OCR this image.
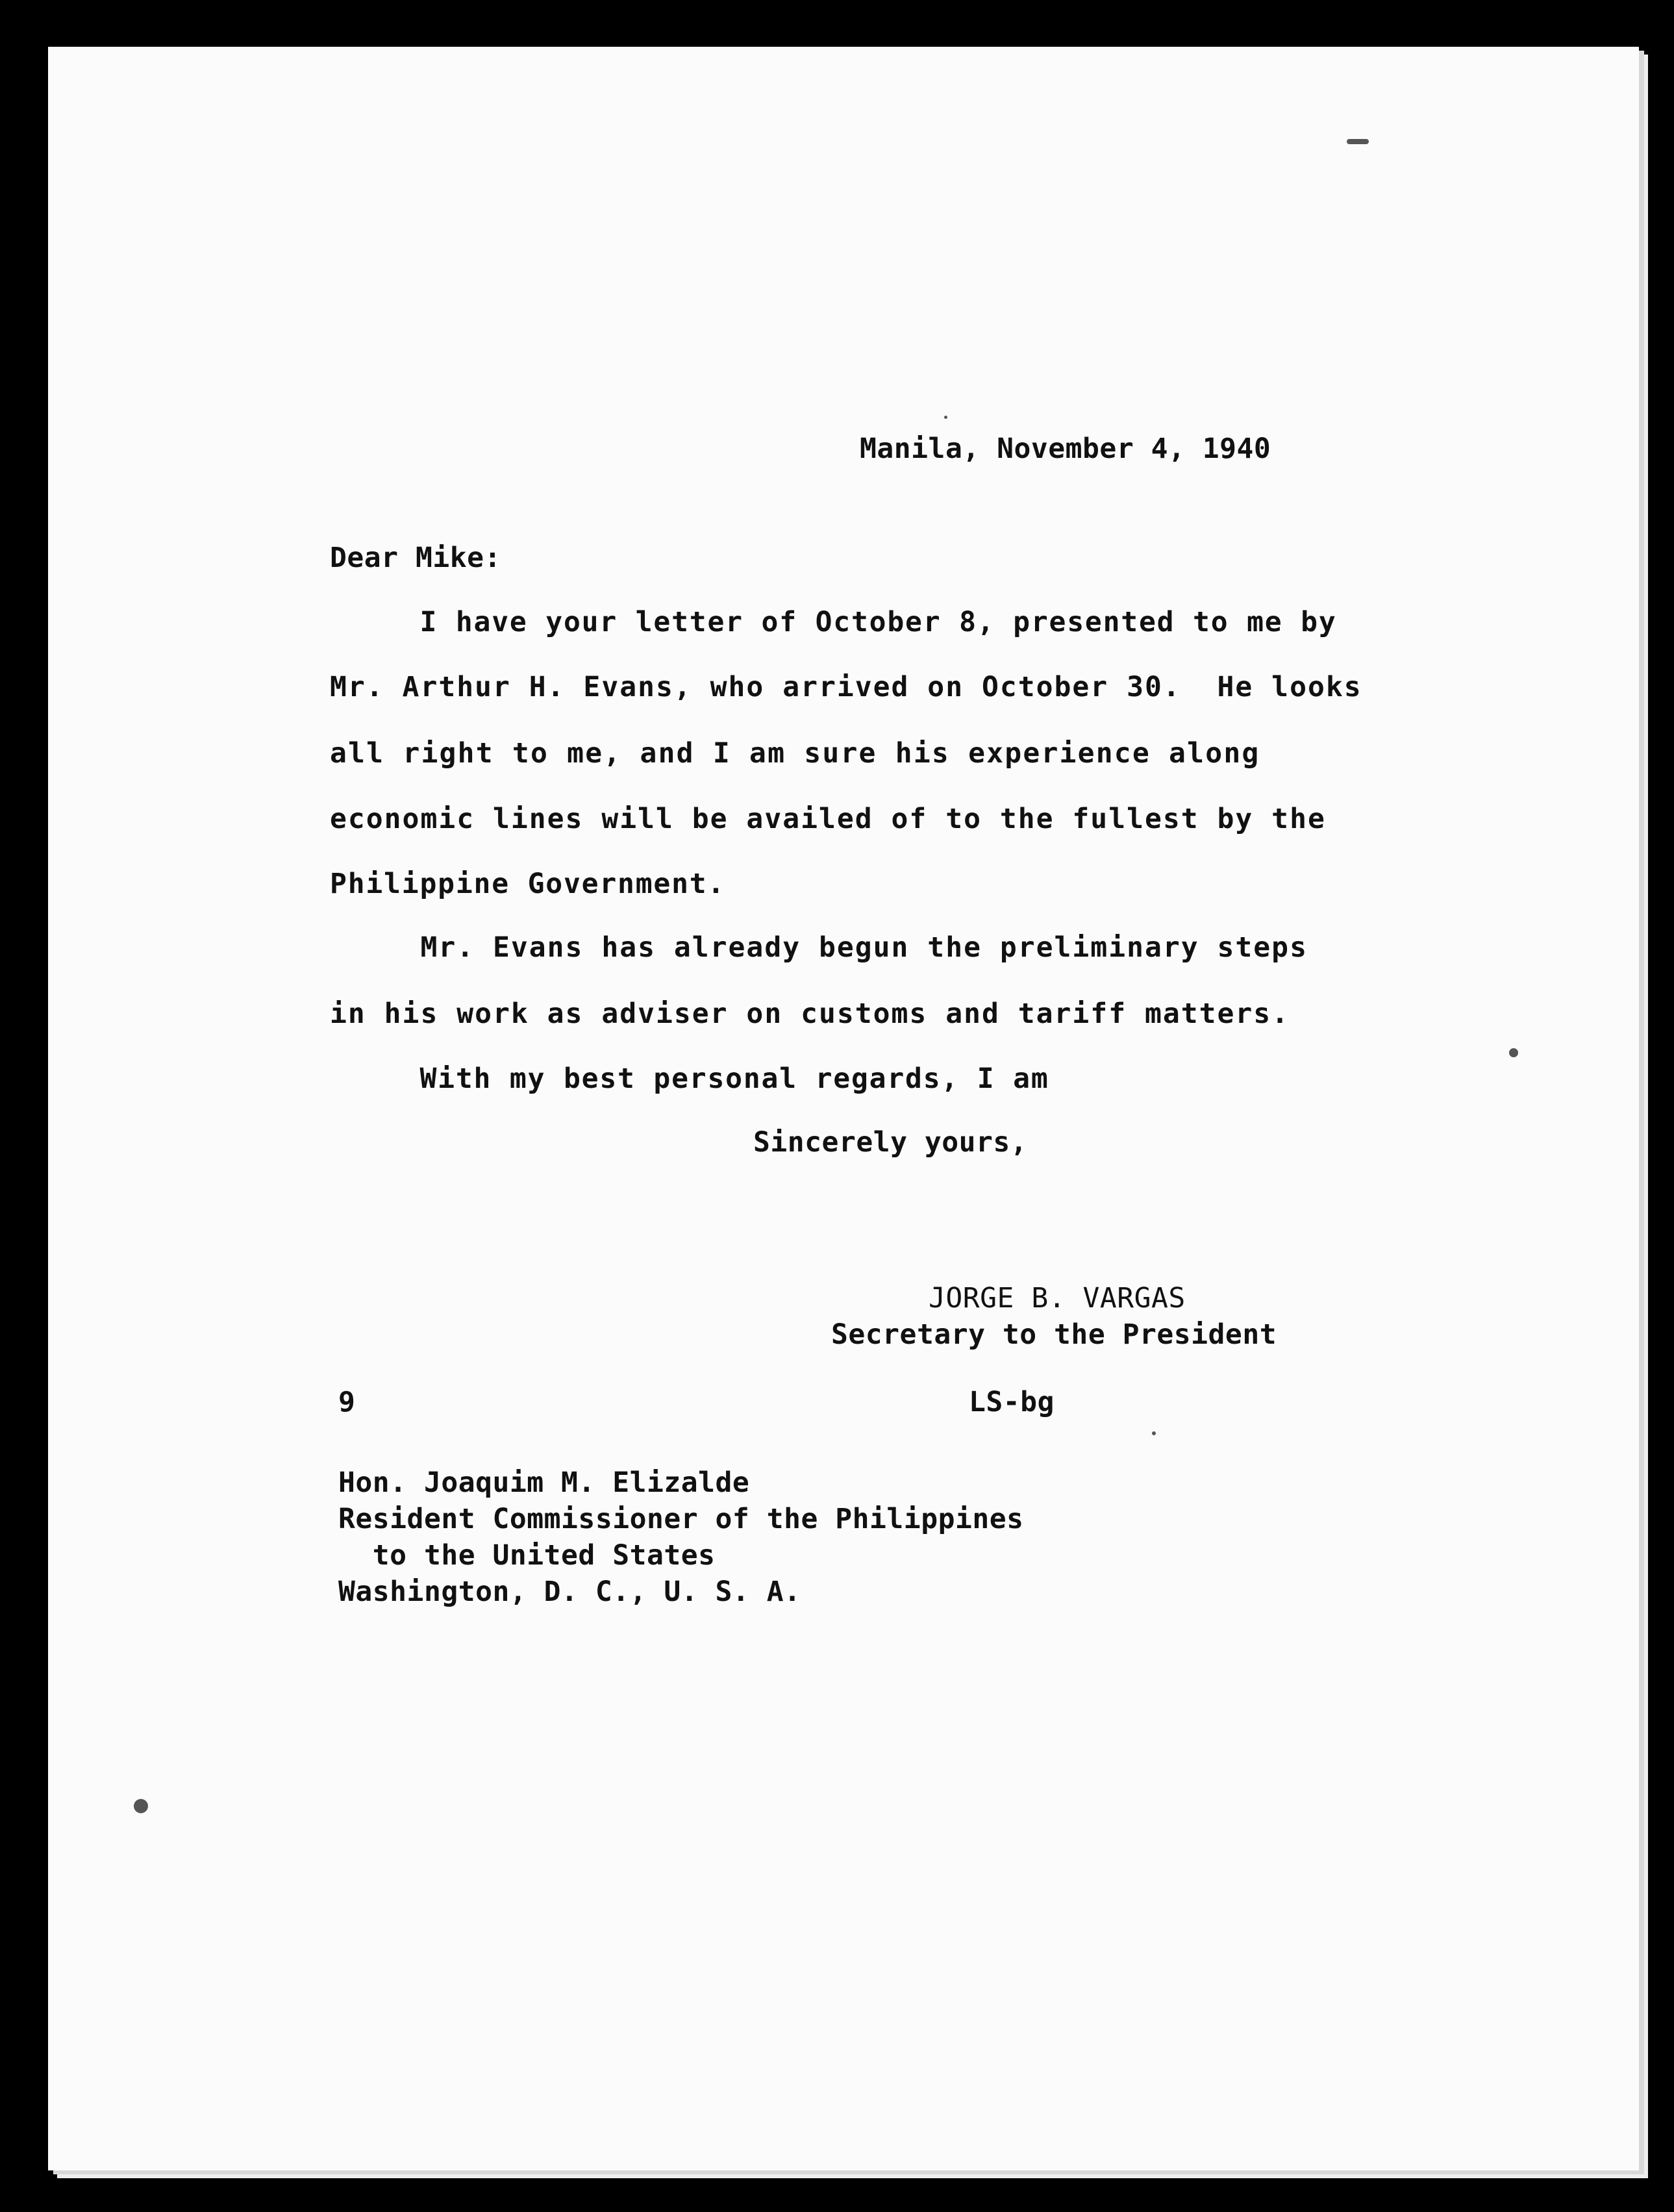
Manila, November 4, 1940
Dear Mike:
I have your letter of October 8, presented to me by
Mr. Arthur H. Evans, who arrived on October 30.  He looks
all right to me, and I am sure his experience along
economic lines will be availed of to the fullest by the
Philippine Government.
Mr. Evans has already begun the preliminary steps
in his work as adviser on customs and tariff matters.
With my best personal regards, I am
Sincerely yours,
JORGE B. VARGAS
Secretary to the President
9	LS-bg
Hon. Joaquim M. Elizalde
Resident Commissioner of the Philippines
to the United States
Washington, D. C., U. S. A.
